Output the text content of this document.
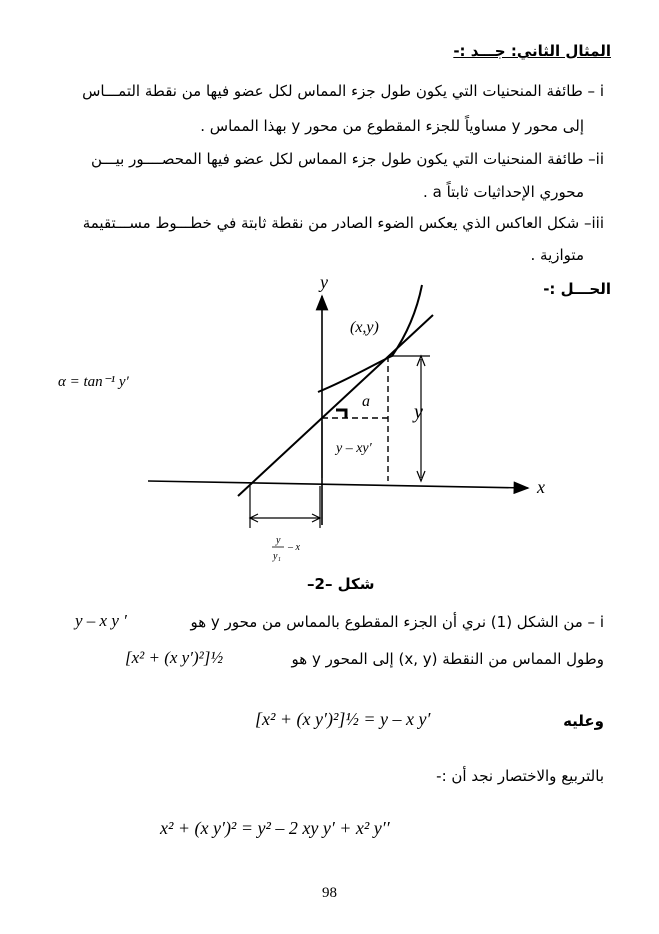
المثال الثاني: جـــد :-
i – طائفة المنحنيات التي يكون طول جزء المماس لكل عضو فيها من نقطة التمـــاس
إلى محور y مساوياً للجزء المقطوع من محور y بهذا المماس .
ii– طائفة المنحنيات التي يكون طول جزء المماس لكل عضو فيها المحصــــور بيـــن
محوري الإحداثيات ثابتاً a .
iii– شكل العاكس الذي يعكس الضوء الصادر من نقطة ثابتة في خطـــوط مســـتقيمة
متوازية .
الحـــل :-
α = tan⁻¹ y′
y
x
(x,y)
a y
y – xy′
y
y₁
– x
شكل –2–
i – من الشكل (1) نري أن الجزء المقطوع بالمماس من محور y هو
y – x y ′
وطول المماس من النقطة (x, y) إلى المحور y هو
[x² + (x y′)²]½
وعليه
[x² + (x y′)²]½ = y – x y′
بالتربيع والاختصار نجد أن :-
x² + (x y′)² = y² – 2 xy y′ + x² y′′
98
